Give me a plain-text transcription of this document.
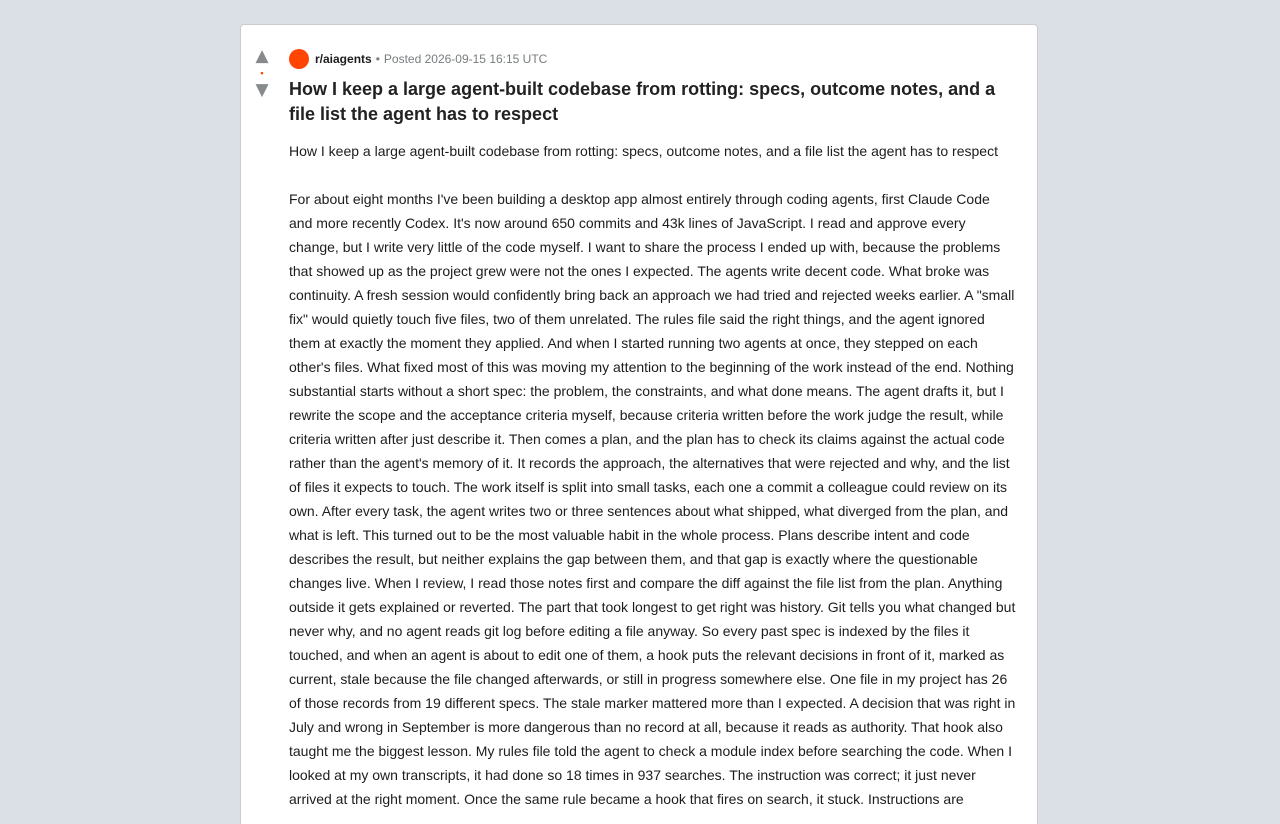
▲
•
▼
r/aiagents • Posted 2026-09-15 16:15 UTC
How I keep a large agent-built codebase from rotting: specs, outcome notes, and a file list the agent has to respect

How I keep a large agent-built codebase from rotting: specs, outcome notes, and a file list the agent has to respect

For about eight months I've been building a desktop app almost entirely through coding agents, first Claude Code and more recently Codex. It's now around 650 commits and 43k lines of JavaScript. I read and approve every change, but I write very little of the code myself. I want to share the process I ended up with, because the problems that showed up as the project grew were not the ones I expected. The agents write decent code. What broke was continuity. A fresh session would confidently bring back an approach we had tried and rejected weeks earlier. A "small fix" would quietly touch five files, two of them unrelated. The rules file said the right things, and the agent ignored them at exactly the moment they applied. And when I started running two agents at once, they stepped on each other's files. What fixed most of this was moving my attention to the beginning of the work instead of the end. Nothing substantial starts without a short spec: the problem, the constraints, and what done means. The agent drafts it, but I rewrite the scope and the acceptance criteria myself, because criteria written before the work judge the result, while criteria written after just describe it. Then comes a plan, and the plan has to check its claims against the actual code rather than the agent's memory of it. It records the approach, the alternatives that were rejected and why, and the list of files it expects to touch. The work itself is split into small tasks, each one a commit a colleague could review on its own. After every task, the agent writes two or three sentences about what shipped, what diverged from the plan, and what is left. This turned out to be the most valuable habit in the whole process. Plans describe intent and code describes the result, but neither explains the gap between them, and that gap is exactly where the questionable changes live. When I review, I read those notes first and compare the diff against the file list from the plan. Anything outside it gets explained or reverted. The part that took longest to get right was history. Git tells you what changed but never why, and no agent reads git log before editing a file anyway. So every past spec is indexed by the files it touched, and when an agent is about to edit one of them, a hook puts the relevant decisions in front of it, marked as current, stale because the file changed afterwards, or still in progress somewhere else. One file in my project has 26 of those records from 19 different specs. The stale marker mattered more than I expected. A decision that was right in July and wrong in September is more dangerous than no record at all, because it reads as authority. That hook also taught me the biggest lesson. My rules file told the agent to check a module index before searching the code. When I looked at my own transcripts, it had done so 18 times in 937 searches. The instruction was correct; it just never arrived at the right moment. Once the same rule became a hook that fires on search, it stuck. Instructions are
